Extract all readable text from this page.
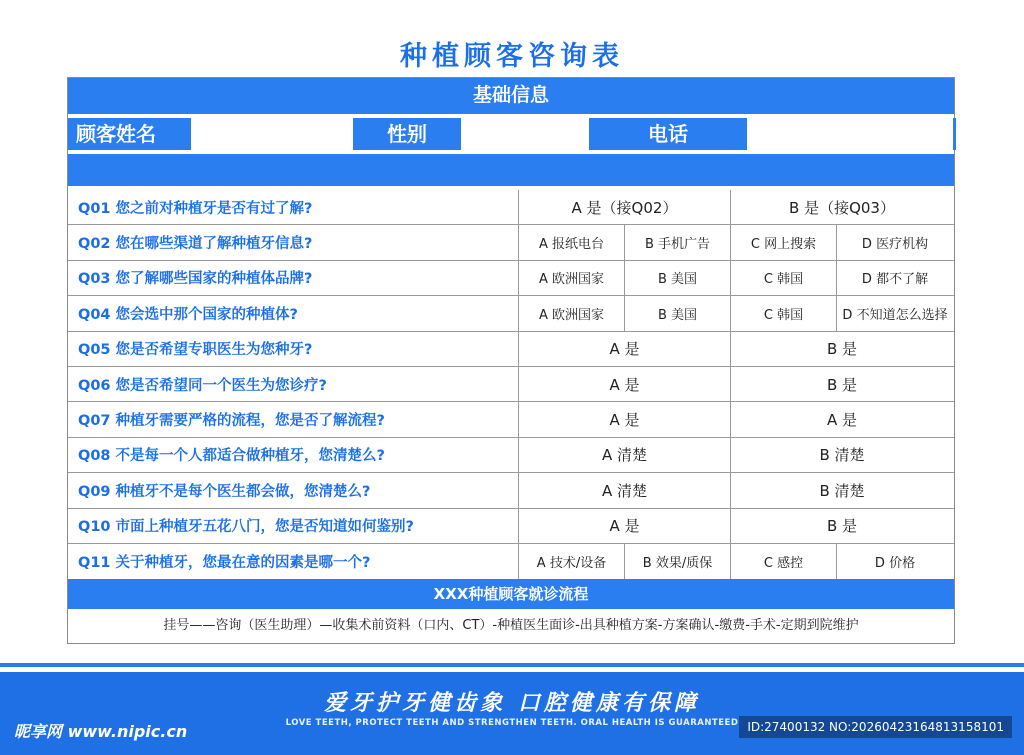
种植顾客咨询表
基础信息
顾客姓名	性别	电话
Q01 您之前对种植牙是否有过了解?	A 是（接Q02）	B 是（接Q03）
Q02 您在哪些渠道了解种植牙信息?	A 报纸电台	B 手机广告	C 网上搜索	D 医疗机构
Q03 您了解哪些国家的种植体品牌?	A 欧洲国家	B 美国	C 韩国	D 都不了解
Q04 您会选中那个国家的种植体?	A 欧洲国家	B 美国	C 韩国	D 不知道怎么选择
Q05 您是否希望专职医生为您种牙?	A 是	B 是
Q06 您是否希望同一个医生为您诊疗?	A 是	B 是
Q07 种植牙需要严格的流程，您是否了解流程?	A 是	A 是
Q08 不是每一个人都适合做种植牙，您清楚么?	A 清楚	B 清楚
Q09 种植牙不是每个医生都会做，您清楚么?	A 清楚	B 清楚
Q10 市面上种植牙五花八门，您是否知道如何鉴别?	A 是	B 是
Q11 关于种植牙，您最在意的因素是哪一个?	A 技术/设备	B 效果/质保	C 感控	D 价格
XXX种植顾客就诊流程
挂号——咨询（医生助理）—收集术前资料（口内、CT）-种植医生面诊-出具种植方案-方案确认-缴费-手术-定期到院维护
爱牙护牙健齿象 口腔健康有保障
LOVE TEETH, PROTECT TEETH AND STRENGTHEN TEETH. ORAL HEALTH IS GUARANTEED
昵享网 www.nipic.cn	ID:27400132 NO:20260423164813158101
